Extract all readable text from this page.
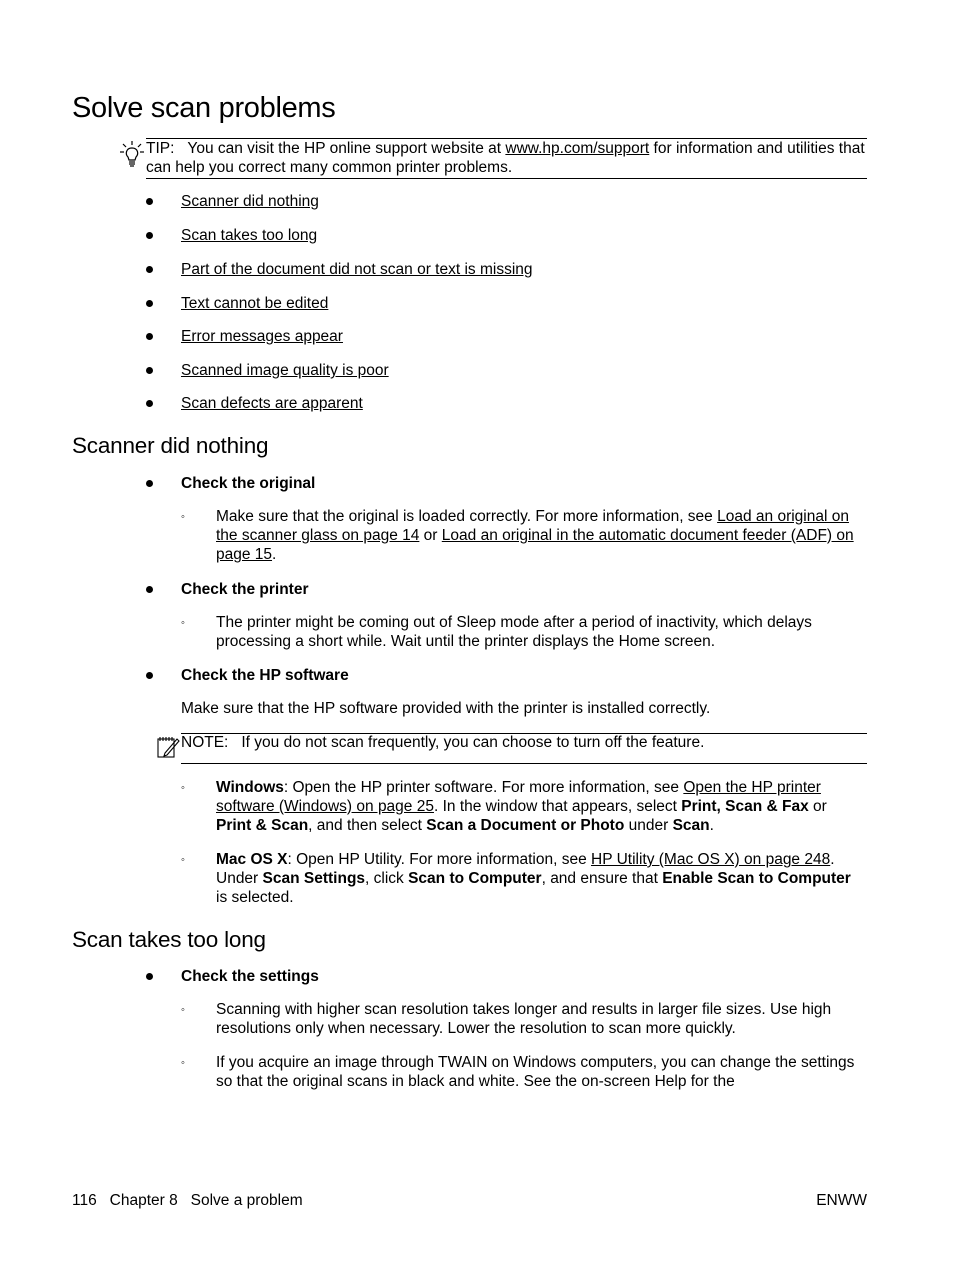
Solve scan problems
TIP: You can visit the HP online support website at www.hp.com/support for information and utilities that can help you correct many common printer problems.
Scanner did nothing
Scan takes too long
Part of the document did not scan or text is missing
Text cannot be edited
Error messages appear
Scanned image quality is poor
Scan defects are apparent
Scanner did nothing
Check the original
◦ Make sure that the original is loaded correctly. For more information, see Load an original on the scanner glass on page 14 or Load an original in the automatic document feeder (ADF) on page 15.
Check the printer
◦ The printer might be coming out of Sleep mode after a period of inactivity, which delays processing a short while. Wait until the printer displays the Home screen.
Check the HP software
Make sure that the HP software provided with the printer is installed correctly.
NOTE: If you do not scan frequently, you can choose to turn off the feature.
◦ Windows: Open the HP printer software. For more information, see Open the HP printer software (Windows) on page 25. In the window that appears, select Print, Scan & Fax or Print & Scan, and then select Scan a Document or Photo under Scan.
◦ Mac OS X: Open HP Utility. For more information, see HP Utility (Mac OS X) on page 248. Under Scan Settings, click Scan to Computer, and ensure that Enable Scan to Computer is selected.
Scan takes too long
Check the settings
◦ Scanning with higher scan resolution takes longer and results in larger file sizes. Use high resolutions only when necessary. Lower the resolution to scan more quickly.
◦ If you acquire an image through TWAIN on Windows computers, you can change the settings so that the original scans in black and white. See the on-screen Help for the
116 Chapter 8 Solve a problem	ENWW
